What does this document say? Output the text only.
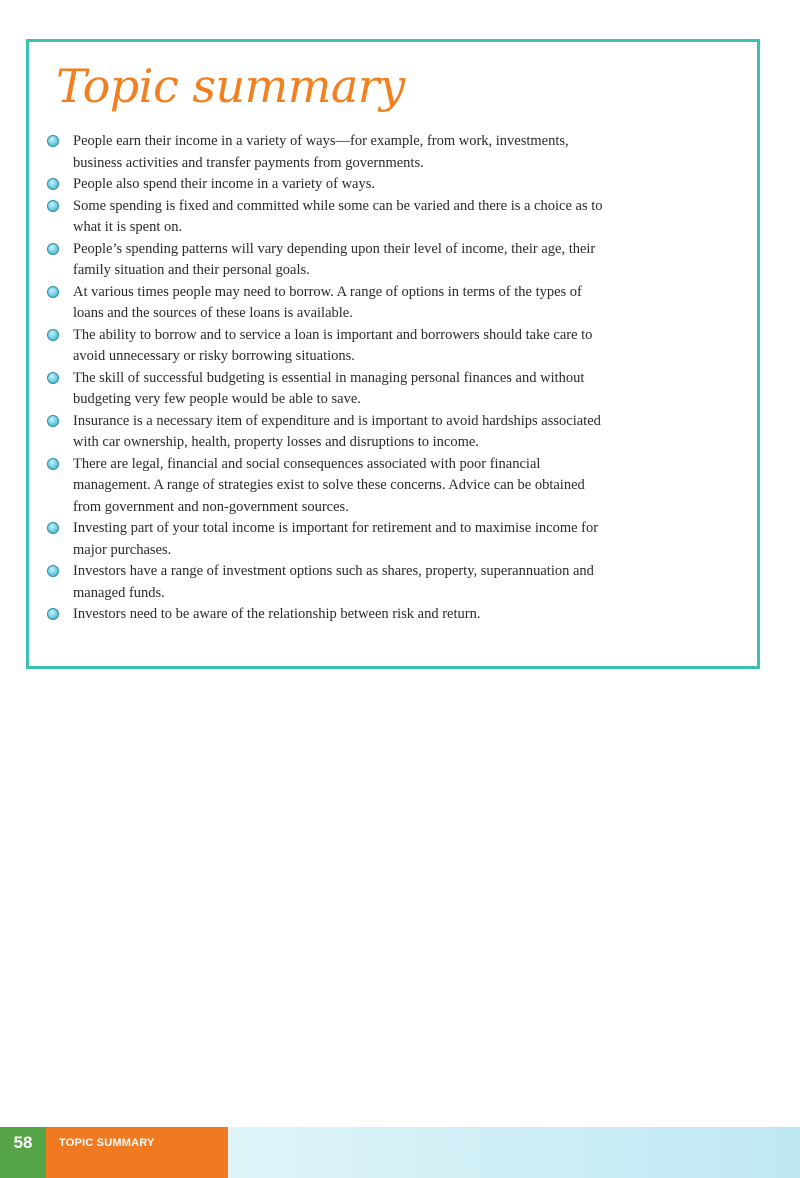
Topic summary
People earn their income in a variety of ways—for example, from work, investments, business activities and transfer payments from governments.
People also spend their income in a variety of ways.
Some spending is fixed and committed while some can be varied and there is a choice as to what it is spent on.
People’s spending patterns will vary depending upon their level of income, their age, their family situation and their personal goals.
At various times people may need to borrow. A range of options in terms of the types of loans and the sources of these loans is available.
The ability to borrow and to service a loan is important and borrowers should take care to avoid unnecessary or risky borrowing situations.
The skill of successful budgeting is essential in managing personal finances and without budgeting very few people would be able to save.
Insurance is a necessary item of expenditure and is important to avoid hardships associated with car ownership, health, property losses and disruptions to income.
There are legal, financial and social consequences associated with poor financial management. A range of strategies exist to solve these concerns. Advice can be obtained from government and non-government sources.
Investing part of your total income is important for retirement and to maximise income for major purchases.
Investors have a range of investment options such as shares, property, superannuation and managed funds.
Investors need to be aware of the relationship between risk and return.
58	TOPIC SUMMARY
